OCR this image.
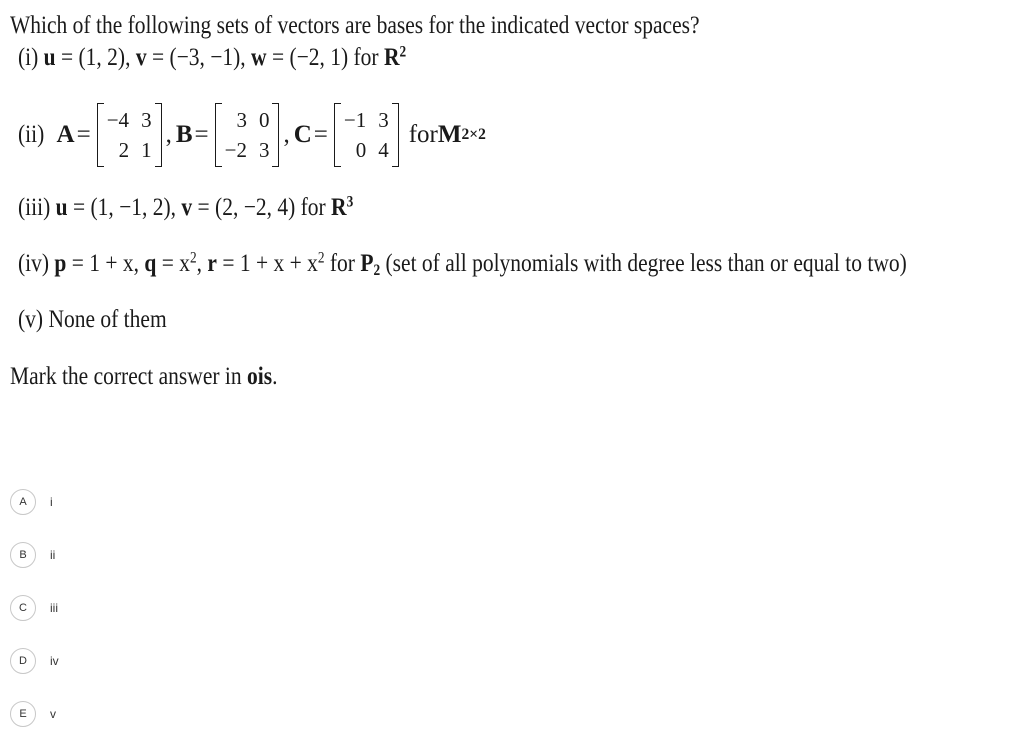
Which of the following sets of vectors are bases for the indicated vector spaces?
(i) u = (1, 2), v = (−3, −1), w = (−2, 1) for $R^2$
(ii) A =
−4 3
2 1
, B =
3 0
−2 3
, C =
−1 3
0 4
for M 2×2
(iii) u = (1, −1, 2), v = (2, −2, 4) for $R^3$
(iv) p = 1 + x, $q = x^2$, $r = 1 + x + x^2$ for $P_2$ (set of all polynomials with degree less than or equal to two)
(v) None of them
Mark the correct answer in ois.
A	i
B	ii
C	iii
D	iv
E	v
